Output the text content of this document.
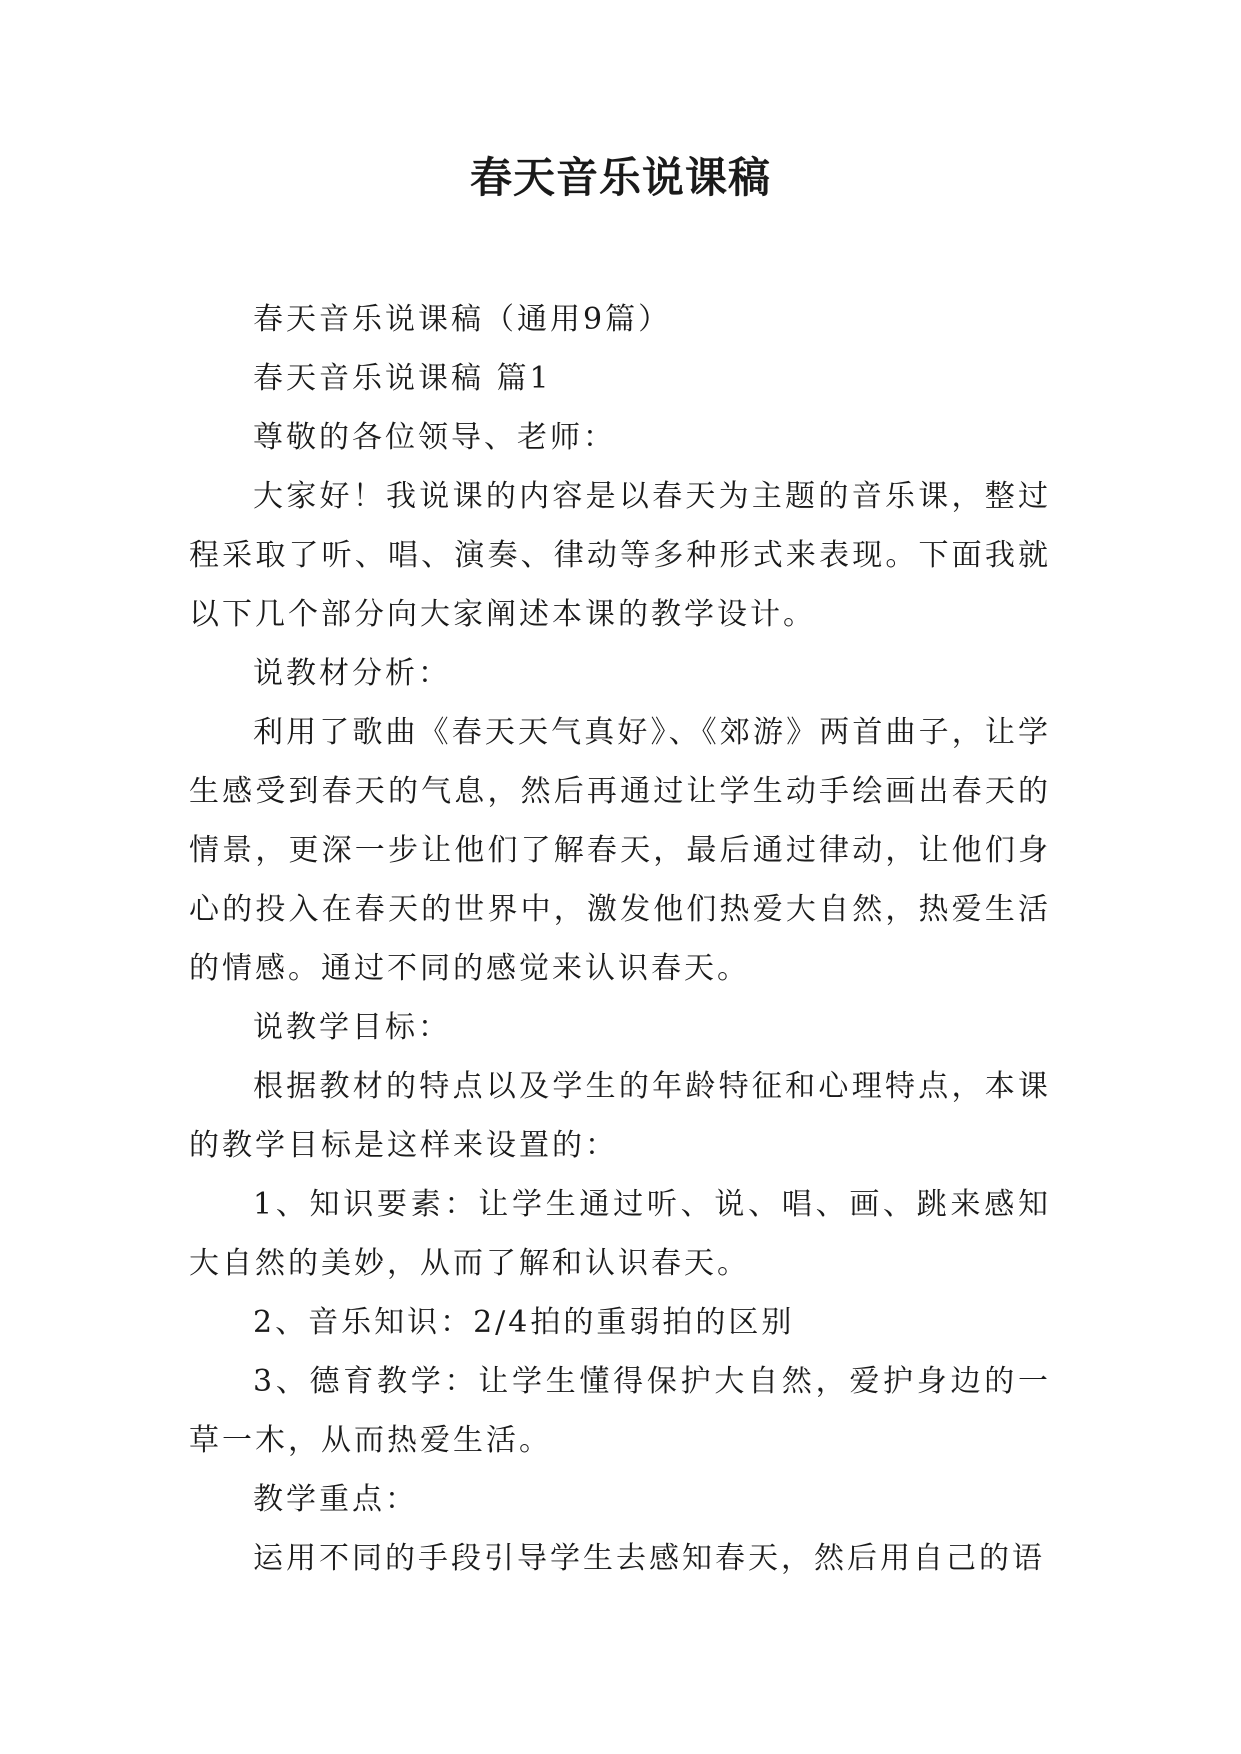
春天音乐说课稿

春天音乐说课稿（通用9篇）

春天音乐说课稿 篇1

尊敬的各位领导、老师：

大家好！我说课的内容是以春天为主题的音乐课，整过程采取了听、唱、演奏、律动等多种形式来表现。下面我就以下几个部分向大家阐述本课的教学设计。

说教材分析：

利用了歌曲《春天天气真好》、《郊游》两首曲子，让学生感受到春天的气息，然后再通过让学生动手绘画出春天的情景，更深一步让他们了解春天，最后通过律动，让他们身心的投入在春天的世界中，激发他们热爱大自然，热爱生活的情感。通过不同的感觉来认识春天。

说教学目标：

根据教材的特点以及学生的年龄特征和心理特点，本课的教学目标是这样来设置的：

1、知识要素：让学生通过听、说、唱、画、跳来感知大自然的美妙，从而了解和认识春天。

2、音乐知识：2/4拍的重弱拍的区别

3、德育教学：让学生懂得保护大自然，爱护身边的一草一木，从而热爱生活。

教学重点：

运用不同的手段引导学生去感知春天，然后用自己的语
